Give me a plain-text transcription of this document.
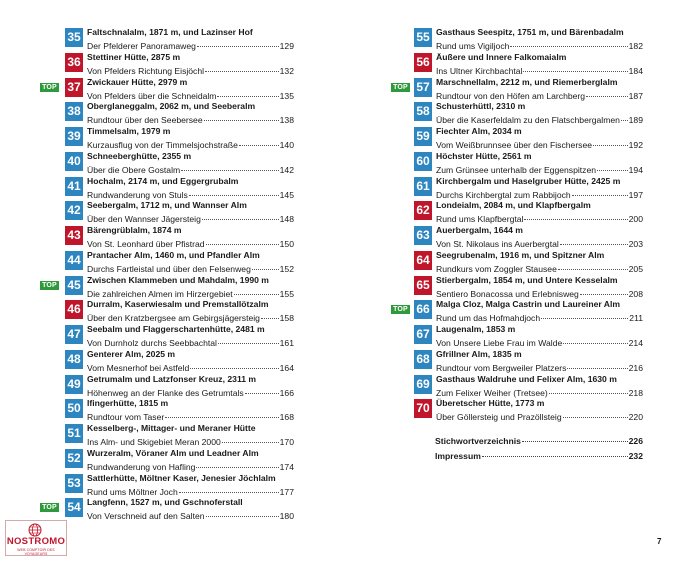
35 Faltschnalalm, 1871 m, und Lazinser Hof
Der Pfelderer Panoramaweg	129
36 Stettiner Hütte, 2875 m
Von Pfelders Richtung Eisjöchl	132
TOP 37 Zwickauer Hütte, 2979 m
Von Pfelders über die Schneidalm	135
38 Oberglaneggalm, 2062 m, und Seeberalm
Rundtour über den Seebersee	138
39 Timmelsalm, 1979 m
Kurzausflug von der Timmelsjochstraße	140
40 Schneeberghütte, 2355 m
Über die Obere Gostalm	142
41 Hochalm, 2174 m, und Eggergrubalm
Rundwanderung von Stuls	145
42 Seebergalm, 1712 m, und Wannser Alm
Über den Wannser Jägersteig	148
43 Bärengrüblalm, 1874 m
Von St. Leonhard über Pfistrad	150
44 Prantacher Alm, 1460 m, und Pfandler Alm
Durchs Fartleistal und über den Felsenweg	152
TOP 45 Zwischen Klammeben und Mahdalm, 1990 m
Die zahlreichen Almen im Hirzergebiet	155
46 Durralm, Kaserwiesalm und Premstallötzalm
Über den Kratzbergsee am Gebirgsjägersteig 158
47 Seebalm und Flaggerschartenhütte, 2481 m
Von Durnholz durchs Seebbachtal	161
48 Genterer Alm, 2025 m
Vom Mesnerhof bei Astfeld	164
49 Getrumalm und Latzfonser Kreuz, 2311 m
Höhenweg an der Flanke des Getrumtals	166
50 Ifingerhütte, 1815 m
Rundtour vom Taser	168
51 Kesselberg-, Mittager- und Meraner Hütte
Ins Alm- und Skigebiet Meran 2000	170
52 Wurzeralm, Vöraner Alm und Leadner Alm
Rundwanderung von Hafling	174
53 Sattlerhütte, Möltner Kaser, Jenesier Jöchlalm
Rund ums Möltner Joch	177
TOP 54 Langfenn, 1527 m, und Gschnoferstall
Von Verschneid auf den Salten	180
55 Gasthaus Seespitz, 1751 m, und Bärenbadalm
Rund ums Vigiljoch	182
56 Äußere und Innere Falkomaialm
Ins Ultner Kirchbachtal	184
TOP 57 Marschnellalm, 2212 m, und Riemerberglalm
Rundtour von den Höfen am Larchberg	187
58 Schusterhüttl, 2310 m
Über die Kaserfeldalm zu den Flatschbergalmen 189
59 Fiechter Alm, 2034 m
Vom Weißbrunnsee über den Fischersee	192
60 Höchster Hütte, 2561 m
Zum Grünsee unterhalb der Eggenspitzen	194
61 Kirchbergalm und Haselgruber Hütte, 2425 m
Durchs Kirchbergtal zum Rabbijoch	197
62 Londeialm, 2084 m, und Klapfbergalm
Rund ums Klapfbergtal	200
63 Auerbergalm, 1644 m
Von St. Nikolaus ins Auerbergtal	203
64 Seegrubenalm, 1916 m, und Spitzner Alm
Rundkurs vom Zoggler Stausee	205
65 Stierbergalm, 1854 m, und Untere Kesselalm
Sentiero Bonacossa und Erlebnisweg	208
TOP 66 Malga Cloz, Malga Castrin und Laureiner Alm
Rund um das Hofmahdjoch	211
67 Laugenalm, 1853 m
Von Unsere Liebe Frau im Walde	214
68 Gfrillner Alm, 1835 m
Rundtour vom Bergweiler Platzers	216
69 Gasthaus Waldruhe und Felixer Alm, 1630 m
Zum Felixer Weiher (Tretsee)	218
70 Überetscher Hütte, 1773 m
Über Göllersteig und Prazöllsteig	220
Stichwortverzeichnis	226
Impressum	232
7
NOSTROMO
WEB COMPTOIR DES VOYAGEURS
